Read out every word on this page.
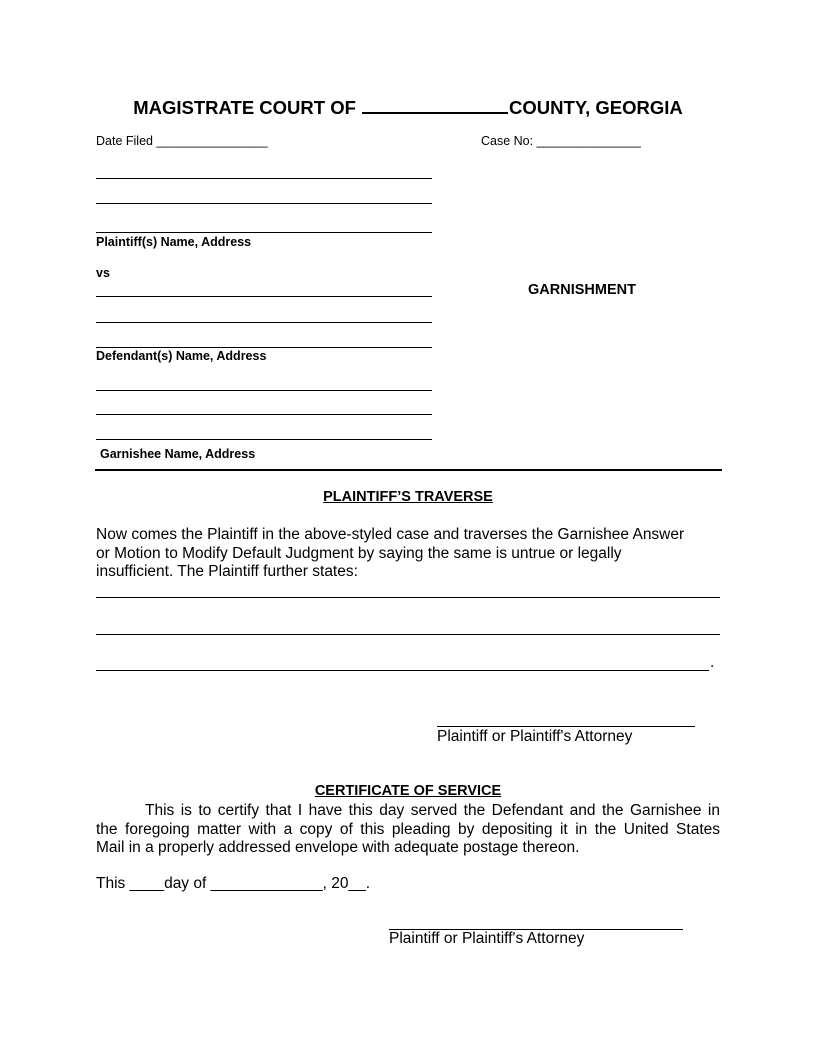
MAGISTRATE COURT OF	COUNTY, GEORGIA
Date Filed ________________	Case No: _______________
Plaintiff(s) Name, Address
vs
Defendant(s) Name, Address
GARNISHMENT
Garnishee Name, Address
PLAINTIFF’S TRAVERSE
Now comes the Plaintiff in the above-styled case and traverses the Garnishee Answer
or Motion to Modify Default Judgment by saying the same is untrue or legally
insufficient. The Plaintiff further states:
.
Plaintiff or Plaintiff's Attorney
CERTIFICATE OF SERVICE
This is to certify that I have this day served the Defendant and the Garnishee in
the foregoing matter with a copy of this pleading by depositing it in the United States
Mail in a properly addressed envelope with adequate postage thereon.
This ____day of _____________, 20__.
Plaintiff or Plaintiff's Attorney
